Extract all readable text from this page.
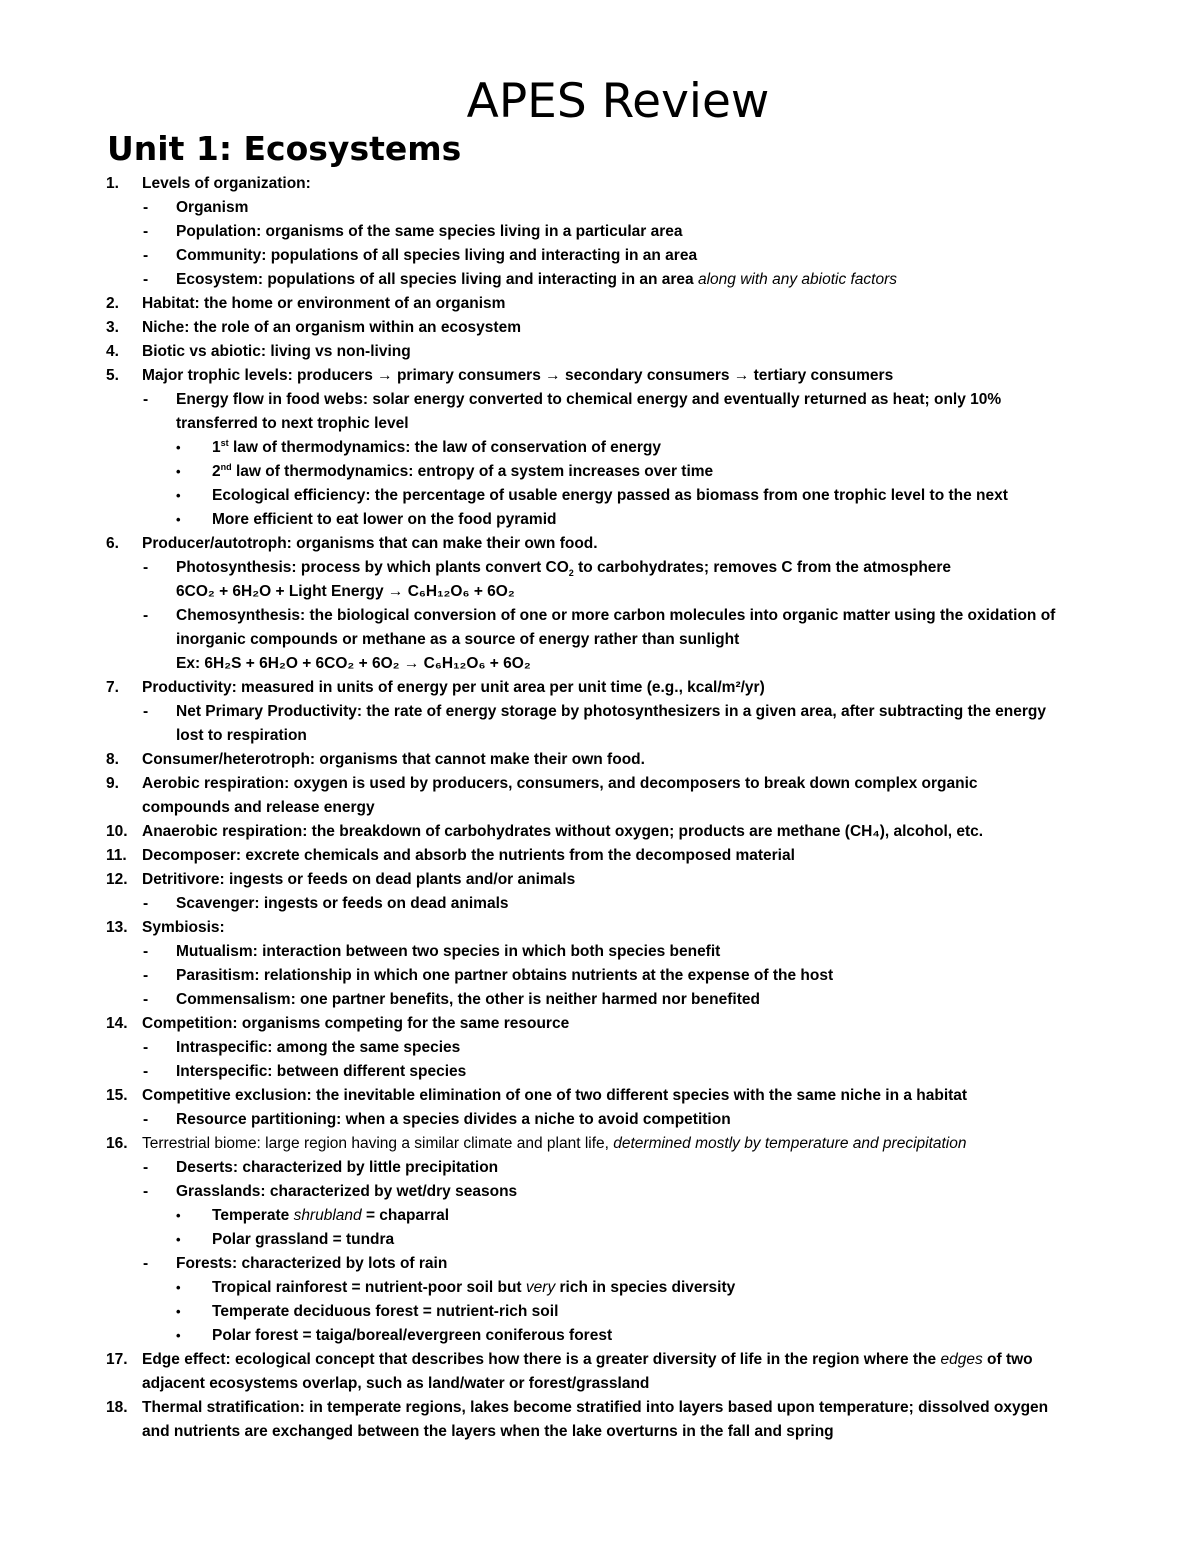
APES Review
Unit 1: Ecosystems
1.	Levels of organization:
- Organism
- Population: organisms of the same species living in a particular area
- Community: populations of all species living and interacting in an area
- Ecosystem: populations of all species living and interacting in an area along with any abiotic factors
2.	Habitat: the home or environment of an organism
3.	Niche: the role of an organism within an ecosystem
4.	Biotic vs abiotic: living vs non-living
5.	Major trophic levels: producers → primary consumers → secondary consumers → tertiary consumers
- Energy flow in food webs: solar energy converted to chemical energy and eventually returned as heat; only 10%
transferred to next trophic level
• 1st law of thermodynamics: the law of conservation of energy
• 2nd law of thermodynamics: entropy of a system increases over time
• Ecological efficiency: the percentage of usable energy passed as biomass from one trophic level to the next
• More efficient to eat lower on the food pyramid
6.	Producer/autotroph: organisms that can make their own food.
- Photosynthesis: process by which plants convert $CO_2$ to carbohydrates; removes C from the atmosphere
6CO₂ + 6H₂O + Light Energy → C₆H₁₂O₆ + 6O₂
- Chemosynthesis: the biological conversion of one or more carbon molecules into organic matter using the oxidation of
inorganic compounds or methane as a source of energy rather than sunlight
Ex: 6H₂S + 6H₂O + 6CO₂ + 6O₂ → C₆H₁₂O₆ + 6O₂
7.	Productivity: measured in units of energy per unit area per unit time (e.g., kcal/m²/yr)
- Net Primary Productivity: the rate of energy storage by photosynthesizers in a given area, after subtracting the energy
lost to respiration
8.	Consumer/heterotroph: organisms that cannot make their own food.
9.	Aerobic respiration: oxygen is used by producers, consumers, and decomposers to break down complex organic
compounds and release energy
10. Anaerobic respiration: the breakdown of carbohydrates without oxygen; products are methane (CH₄), alcohol, etc.
11. Decomposer: excrete chemicals and absorb the nutrients from the decomposed material
12. Detritivore: ingests or feeds on dead plants and/or animals
- Scavenger: ingests or feeds on dead animals
13. Symbiosis:
- Mutualism: interaction between two species in which both species benefit
- Parasitism: relationship in which one partner obtains nutrients at the expense of the host
- Commensalism: one partner benefits, the other is neither harmed nor benefited
14. Competition: organisms competing for the same resource
- Intraspecific: among the same species
- Interspecific: between different species
15. Competitive exclusion: the inevitable elimination of one of two different species with the same niche in a habitat
- Resource partitioning: when a species divides a niche to avoid competition
16. Terrestrial biome: large region having a similar climate and plant life, determined mostly by temperature and precipitation
- Deserts: characterized by little precipitation
- Grasslands: characterized by wet/dry seasons
• Temperate shrubland = chaparral
• Polar grassland = tundra
- Forests: characterized by lots of rain
• Tropical rainforest = nutrient-poor soil but very rich in species diversity
• Temperate deciduous forest = nutrient-rich soil
• Polar forest = taiga/boreal/evergreen coniferous forest
17. Edge effect: ecological concept that describes how there is a greater diversity of life in the region where the edges of two
adjacent ecosystems overlap, such as land/water or forest/grassland
18. Thermal stratification: in temperate regions, lakes become stratified into layers based upon temperature; dissolved oxygen
and nutrients are exchanged between the layers when the lake overturns in the fall and spring
